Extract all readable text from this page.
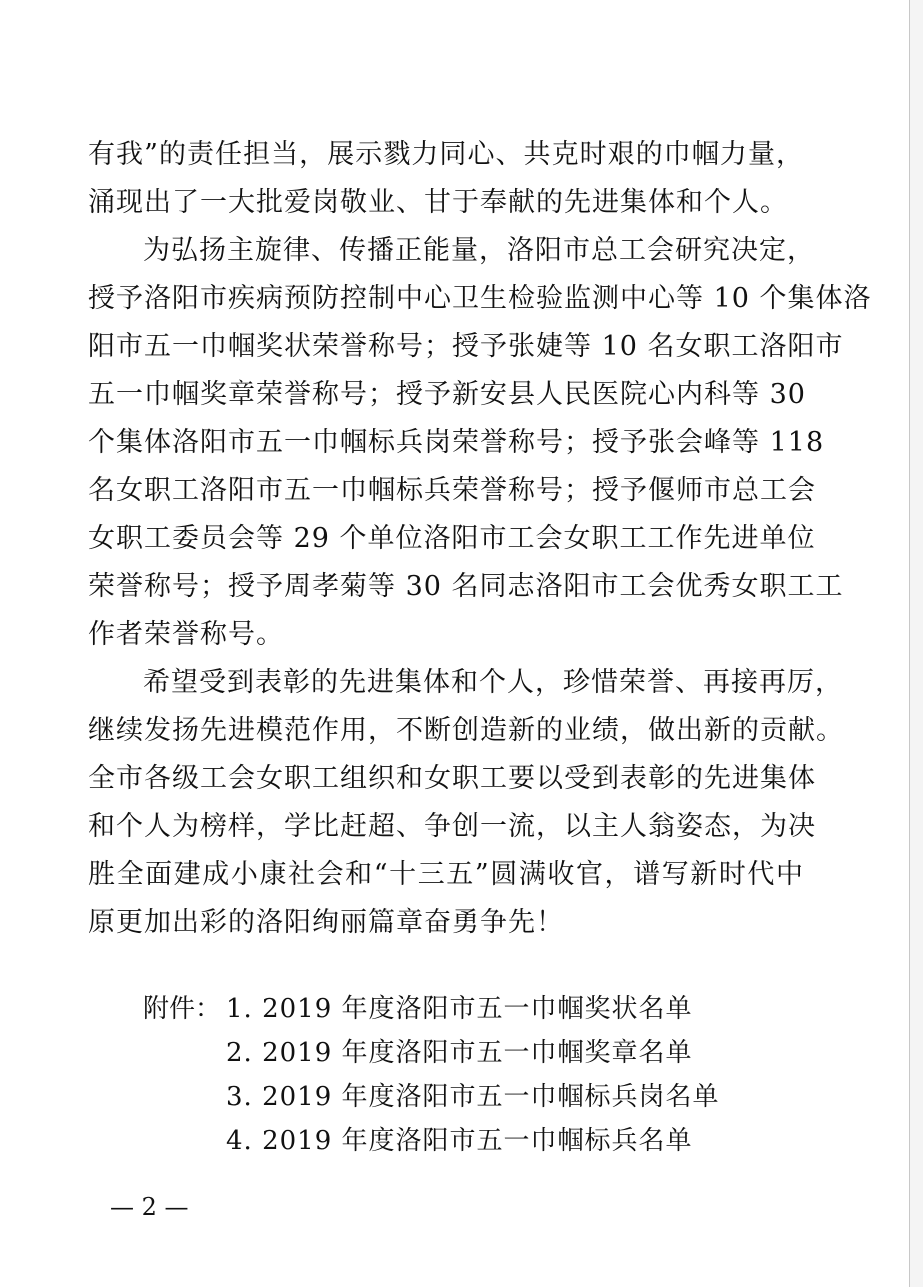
有我”的责任担当，展示戮力同心、共克时艰的巾帼力量，
涌现出了一大批爱岗敬业、甘于奉献的先进集体和个人。
为弘扬主旋律、传播正能量，洛阳市总工会研究决定，
授予洛阳市疾病预防控制中心卫生检验监测中心等 10 个集体洛
阳市五一巾帼奖状荣誉称号；授予张婕等 10 名女职工洛阳市
五一巾帼奖章荣誉称号；授予新安县人民医院心内科等 30
个集体洛阳市五一巾帼标兵岗荣誉称号；授予张会峰等 118
名女职工洛阳市五一巾帼标兵荣誉称号；授予偃师市总工会
女职工委员会等 29 个单位洛阳市工会女职工工作先进单位
荣誉称号；授予周孝菊等 30 名同志洛阳市工会优秀女职工工
作者荣誉称号。
希望受到表彰的先进集体和个人，珍惜荣誉、再接再厉，
继续发扬先进模范作用，不断创造新的业绩，做出新的贡献。
全市各级工会女职工组织和女职工要以受到表彰的先进集体
和个人为榜样，学比赶超、争创一流，以主人翁姿态，为决
胜全面建成小康社会和“十三五”圆满收官，谱写新时代中
原更加出彩的洛阳绚丽篇章奋勇争先！
附件： 1. 2019 年度洛阳市五一巾帼奖状名单
2. 2019 年度洛阳市五一巾帼奖章名单
3. 2019 年度洛阳市五一巾帼标兵岗名单
4. 2019 年度洛阳市五一巾帼标兵名单
— 2 —
